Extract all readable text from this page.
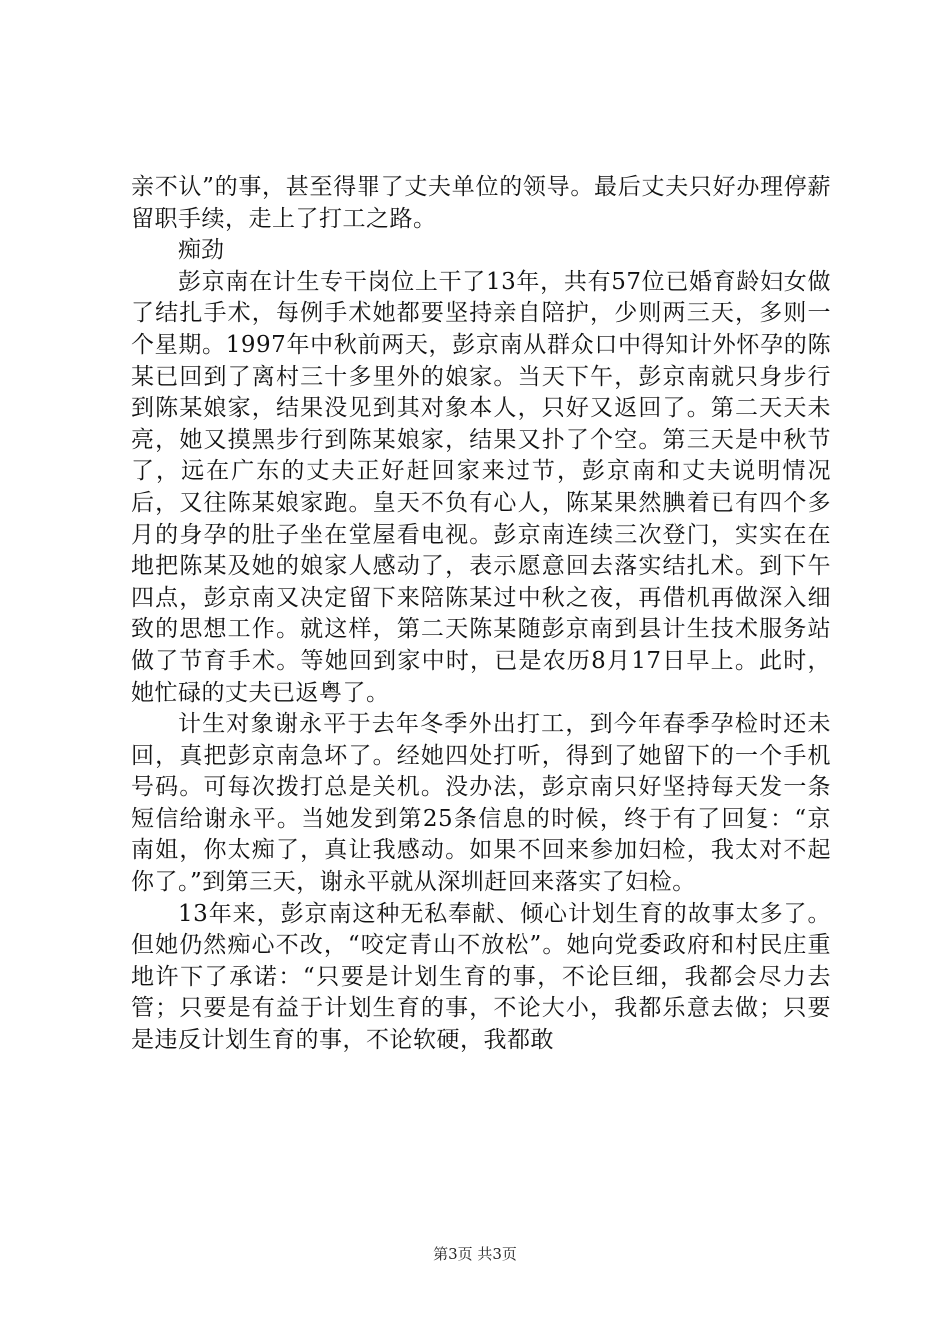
亲不认”的事，甚至得罪了丈夫单位的领导。最后丈夫只好办理停薪留职手续，走上了打工之路。

痴劲

彭京南在计生专干岗位上干了13年，共有57位已婚育龄妇女做了结扎手术，每例手术她都要坚持亲自陪护，少则两三天，多则一个星期。1997年中秋前两天，彭京南从群众口中得知计外怀孕的陈某已回到了离村三十多里外的娘家。当天下午，彭京南就只身步行到陈某娘家，结果没见到其对象本人，只好又返回了。第二天天未亮，她又摸黑步行到陈某娘家，结果又扑了个空。第三天是中秋节了，远在广东的丈夫正好赶回家来过节，彭京南和丈夫说明情况后，又往陈某娘家跑。皇天不负有心人，陈某果然腆着已有四个多月的身孕的肚子坐在堂屋看电视。彭京南连续三次登门，实实在在地把陈某及她的娘家人感动了，表示愿意回去落实结扎术。到下午四点，彭京南又决定留下来陪陈某过中秋之夜，再借机再做深入细致的思想工作。就这样，第二天陈某随彭京南到县计生技术服务站做了节育手术。等她回到家中时，已是农历8月17日早上。此时，她忙碌的丈夫已返粤了。

计生对象谢永平于去年冬季外出打工，到今年春季孕检时还未回，真把彭京南急坏了。经她四处打听，得到了她留下的一个手机号码。可每次拨打总是关机。没办法，彭京南只好坚持每天发一条短信给谢永平。当她发到第25条信息的时候，终于有了回复：“京南姐，你太痴了，真让我感动。如果不回来参加妇检，我太对不起你了。”到第三天，谢永平就从深圳赶回来落实了妇检。

13年来，彭京南这种无私奉献、倾心计划生育的故事太多了。但她仍然痴心不改，“咬定青山不放松”。她向党委政府和村民庄重地许下了承诺：“只要是计划生育的事，不论巨细，我都会尽力去管；只要是有益于计划生育的事，不论大小，我都乐意去做；只要是违反计划生育的事，不论软硬，我都敢

第3页 共3页
